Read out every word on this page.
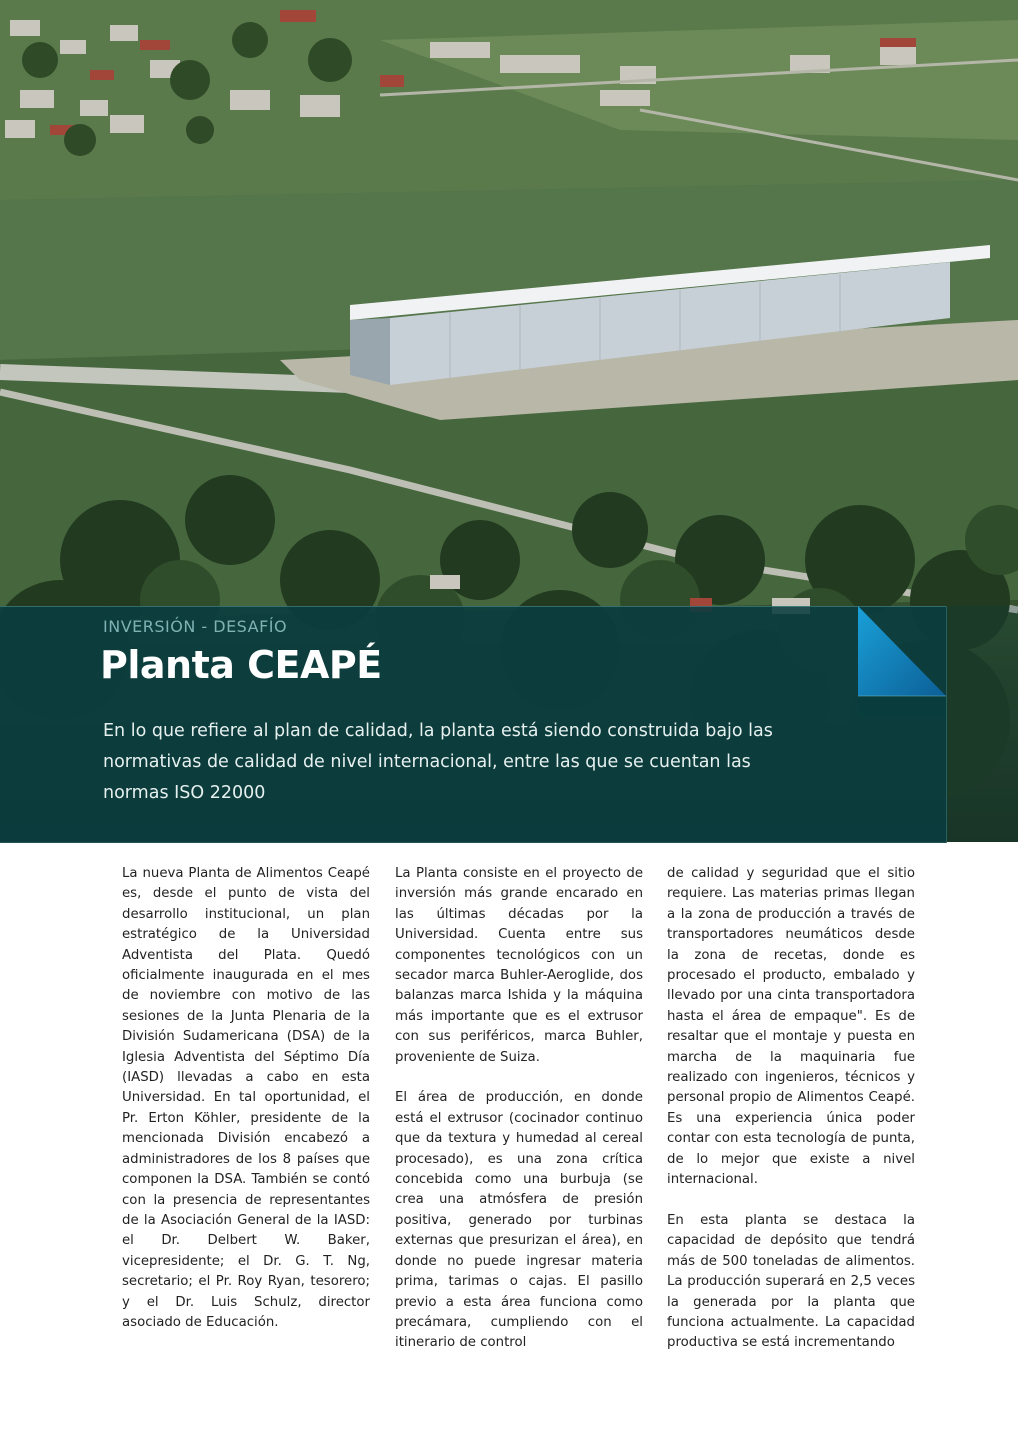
INVERSIÓN - DESAFÍO
Planta CEAPÉ
En lo que refiere al plan de calidad, la planta está siendo construida bajo las normativas de calidad de nivel internacional, entre las que se cuentan las normas ISO 22000

La nueva Planta de Alimentos Ceapé es, desde el punto de vista del desarrollo institucional, un plan estratégico de la Universidad Adventista del Plata. Quedó oficialmente inaugurada en el mes de noviembre con motivo de las sesiones de la Junta Plenaria de la División Sudamericana (DSA) de la Iglesia Adventista del Séptimo Día (IASD) llevadas a cabo en esta Universidad. En tal oportunidad, el Pr. Erton Köhler, presidente de la mencionada División encabezó a administradores de los 8 países que componen la DSA. También se contó con la presencia de representantes de la Asociación General de la IASD: el Dr. Delbert W. Baker, vicepresidente; el Dr. G. T. Ng, secretario; el Pr. Roy Ryan, tesorero; y el Dr. Luis Schulz, director asociado de Educación.

La Planta consiste en el proyecto de inversión más grande encarado en las últimas décadas por la Universidad. Cuenta entre sus componentes tecnológicos con un secador marca Buhler-Aeroglide, dos balanzas marca Ishida y la máquina más importante que es el extrusor con sus periféricos, marca Buhler, proveniente de Suiza.

El área de producción, en donde está el extrusor (cocinador continuo que da textura y humedad al cereal procesado), es una zona crítica concebida como una burbuja (se crea una atmósfera de presión positiva, generado por turbinas externas que presurizan el área), en donde no puede ingresar materia prima, tarimas o cajas. El pasillo previo a esta área funciona como precámara, cumpliendo con el itinerario de control

de calidad y seguridad que el sitio requiere. Las materias primas llegan a la zona de producción a través de transportadores neumáticos desde la zona de recetas, donde es procesado el producto, embalado y llevado por una cinta transportadora hasta el área de empaque". Es de resaltar que el montaje y puesta en marcha de la maquinaria fue realizado con ingenieros, técnicos y personal propio de Alimentos Ceapé. Es una experiencia única poder contar con esta tecnología de punta, de lo mejor que existe a nivel internacional.

En esta planta se destaca la capacidad de depósito que tendrá más de 500 toneladas de alimentos. La producción superará en 2,5 veces la generada por la planta que funciona actualmente. La capacidad productiva se está incrementando
